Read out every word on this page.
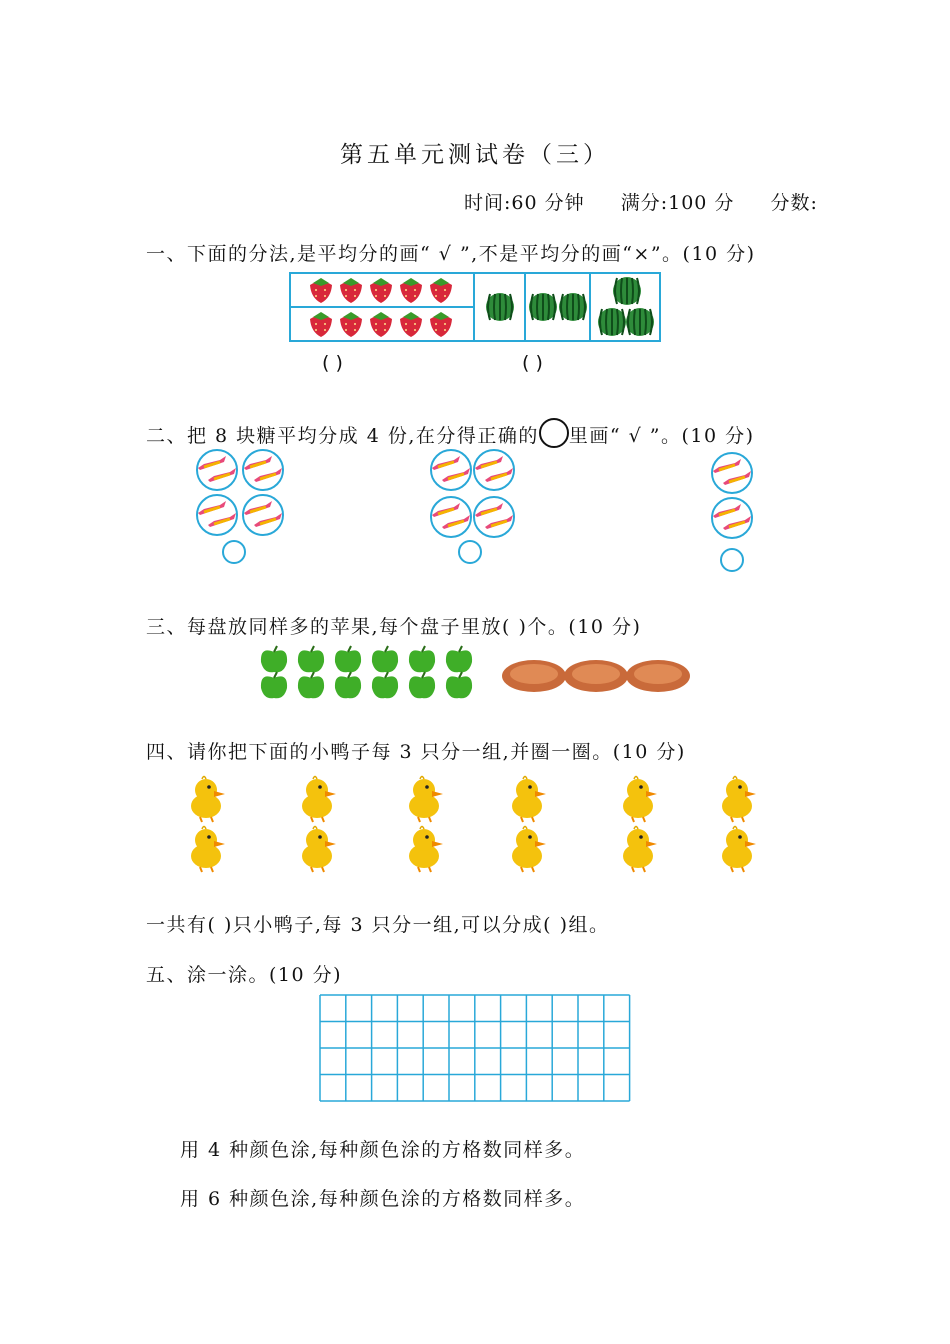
第五单元测试卷（三）
时间:60 分钟 满分:100 分 分数:
一、下面的分法,是平均分的画“ √ ”,不是平均分的画“×”。(10 分)
( )	( )
二、把 8 块糖平均分成 4 份,在分得正确的 里画“ √ ”。(10 分)
三、每盘放同样多的苹果,每个盘子里放( )个。(10 分)
四、请你把下面的小鸭子每 3 只分一组,并圈一圈。(10 分)
一共有( )只小鸭子,每 3 只分一组,可以分成( )组。
五、涂一涂。(10 分)
用 4 种颜色涂,每种颜色涂的方格数同样多。
用 6 种颜色涂,每种颜色涂的方格数同样多。
